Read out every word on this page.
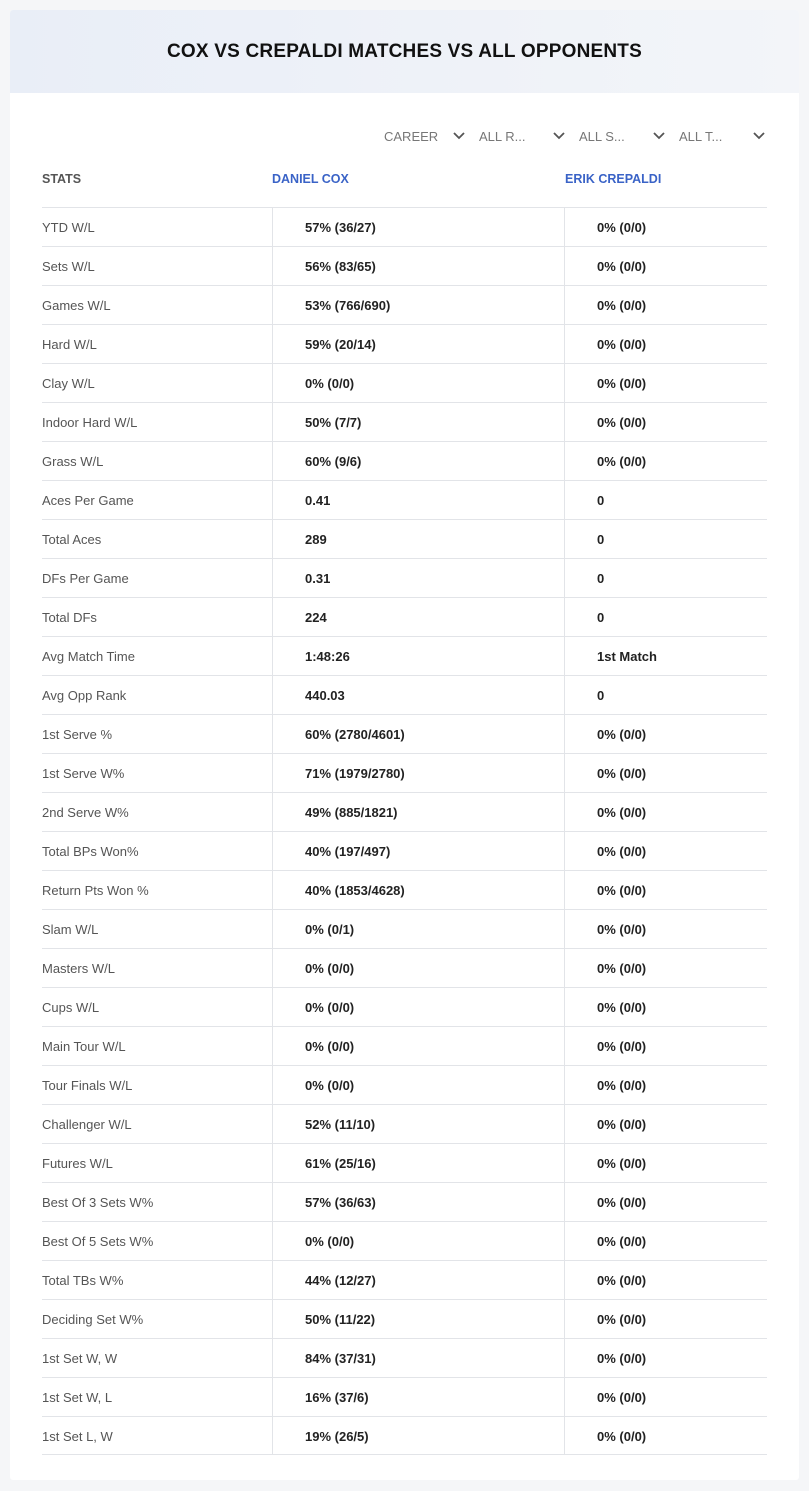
COX VS CREPALDI MATCHES VS ALL OPPONENTS
CAREER	ALL R...	ALL S...	ALL T...
STATS	DANIEL COX	ERIK CREPALDI
YTD W/L	57% (36/27)	0% (0/0)
Sets W/L	56% (83/65)	0% (0/0)
Games W/L	53% (766/690)	0% (0/0)
Hard W/L	59% (20/14)	0% (0/0)
Clay W/L	0% (0/0)	0% (0/0)
Indoor Hard W/L	50% (7/7)	0% (0/0)
Grass W/L	60% (9/6)	0% (0/0)
Aces Per Game	0.41	0
Total Aces	289	0
DFs Per Game	0.31	0
Total DFs	224	0
Avg Match Time	1:48:26	1st Match
Avg Opp Rank	440.03	0
1st Serve %	60% (2780/4601)	0% (0/0)
1st Serve W%	71% (1979/2780)	0% (0/0)
2nd Serve W%	49% (885/1821)	0% (0/0)
Total BPs Won%	40% (197/497)	0% (0/0)
Return Pts Won %	40% (1853/4628)	0% (0/0)
Slam W/L	0% (0/1)	0% (0/0)
Masters W/L	0% (0/0)	0% (0/0)
Cups W/L	0% (0/0)	0% (0/0)
Main Tour W/L	0% (0/0)	0% (0/0)
Tour Finals W/L	0% (0/0)	0% (0/0)
Challenger W/L	52% (11/10)	0% (0/0)
Futures W/L	61% (25/16)	0% (0/0)
Best Of 3 Sets W%	57% (36/63)	0% (0/0)
Best Of 5 Sets W%	0% (0/0)	0% (0/0)
Total TBs W%	44% (12/27)	0% (0/0)
Deciding Set W%	50% (11/22)	0% (0/0)
1st Set W, W	84% (37/31)	0% (0/0)
1st Set W, L	16% (37/6)	0% (0/0)
1st Set L, W	19% (26/5)	0% (0/0)
